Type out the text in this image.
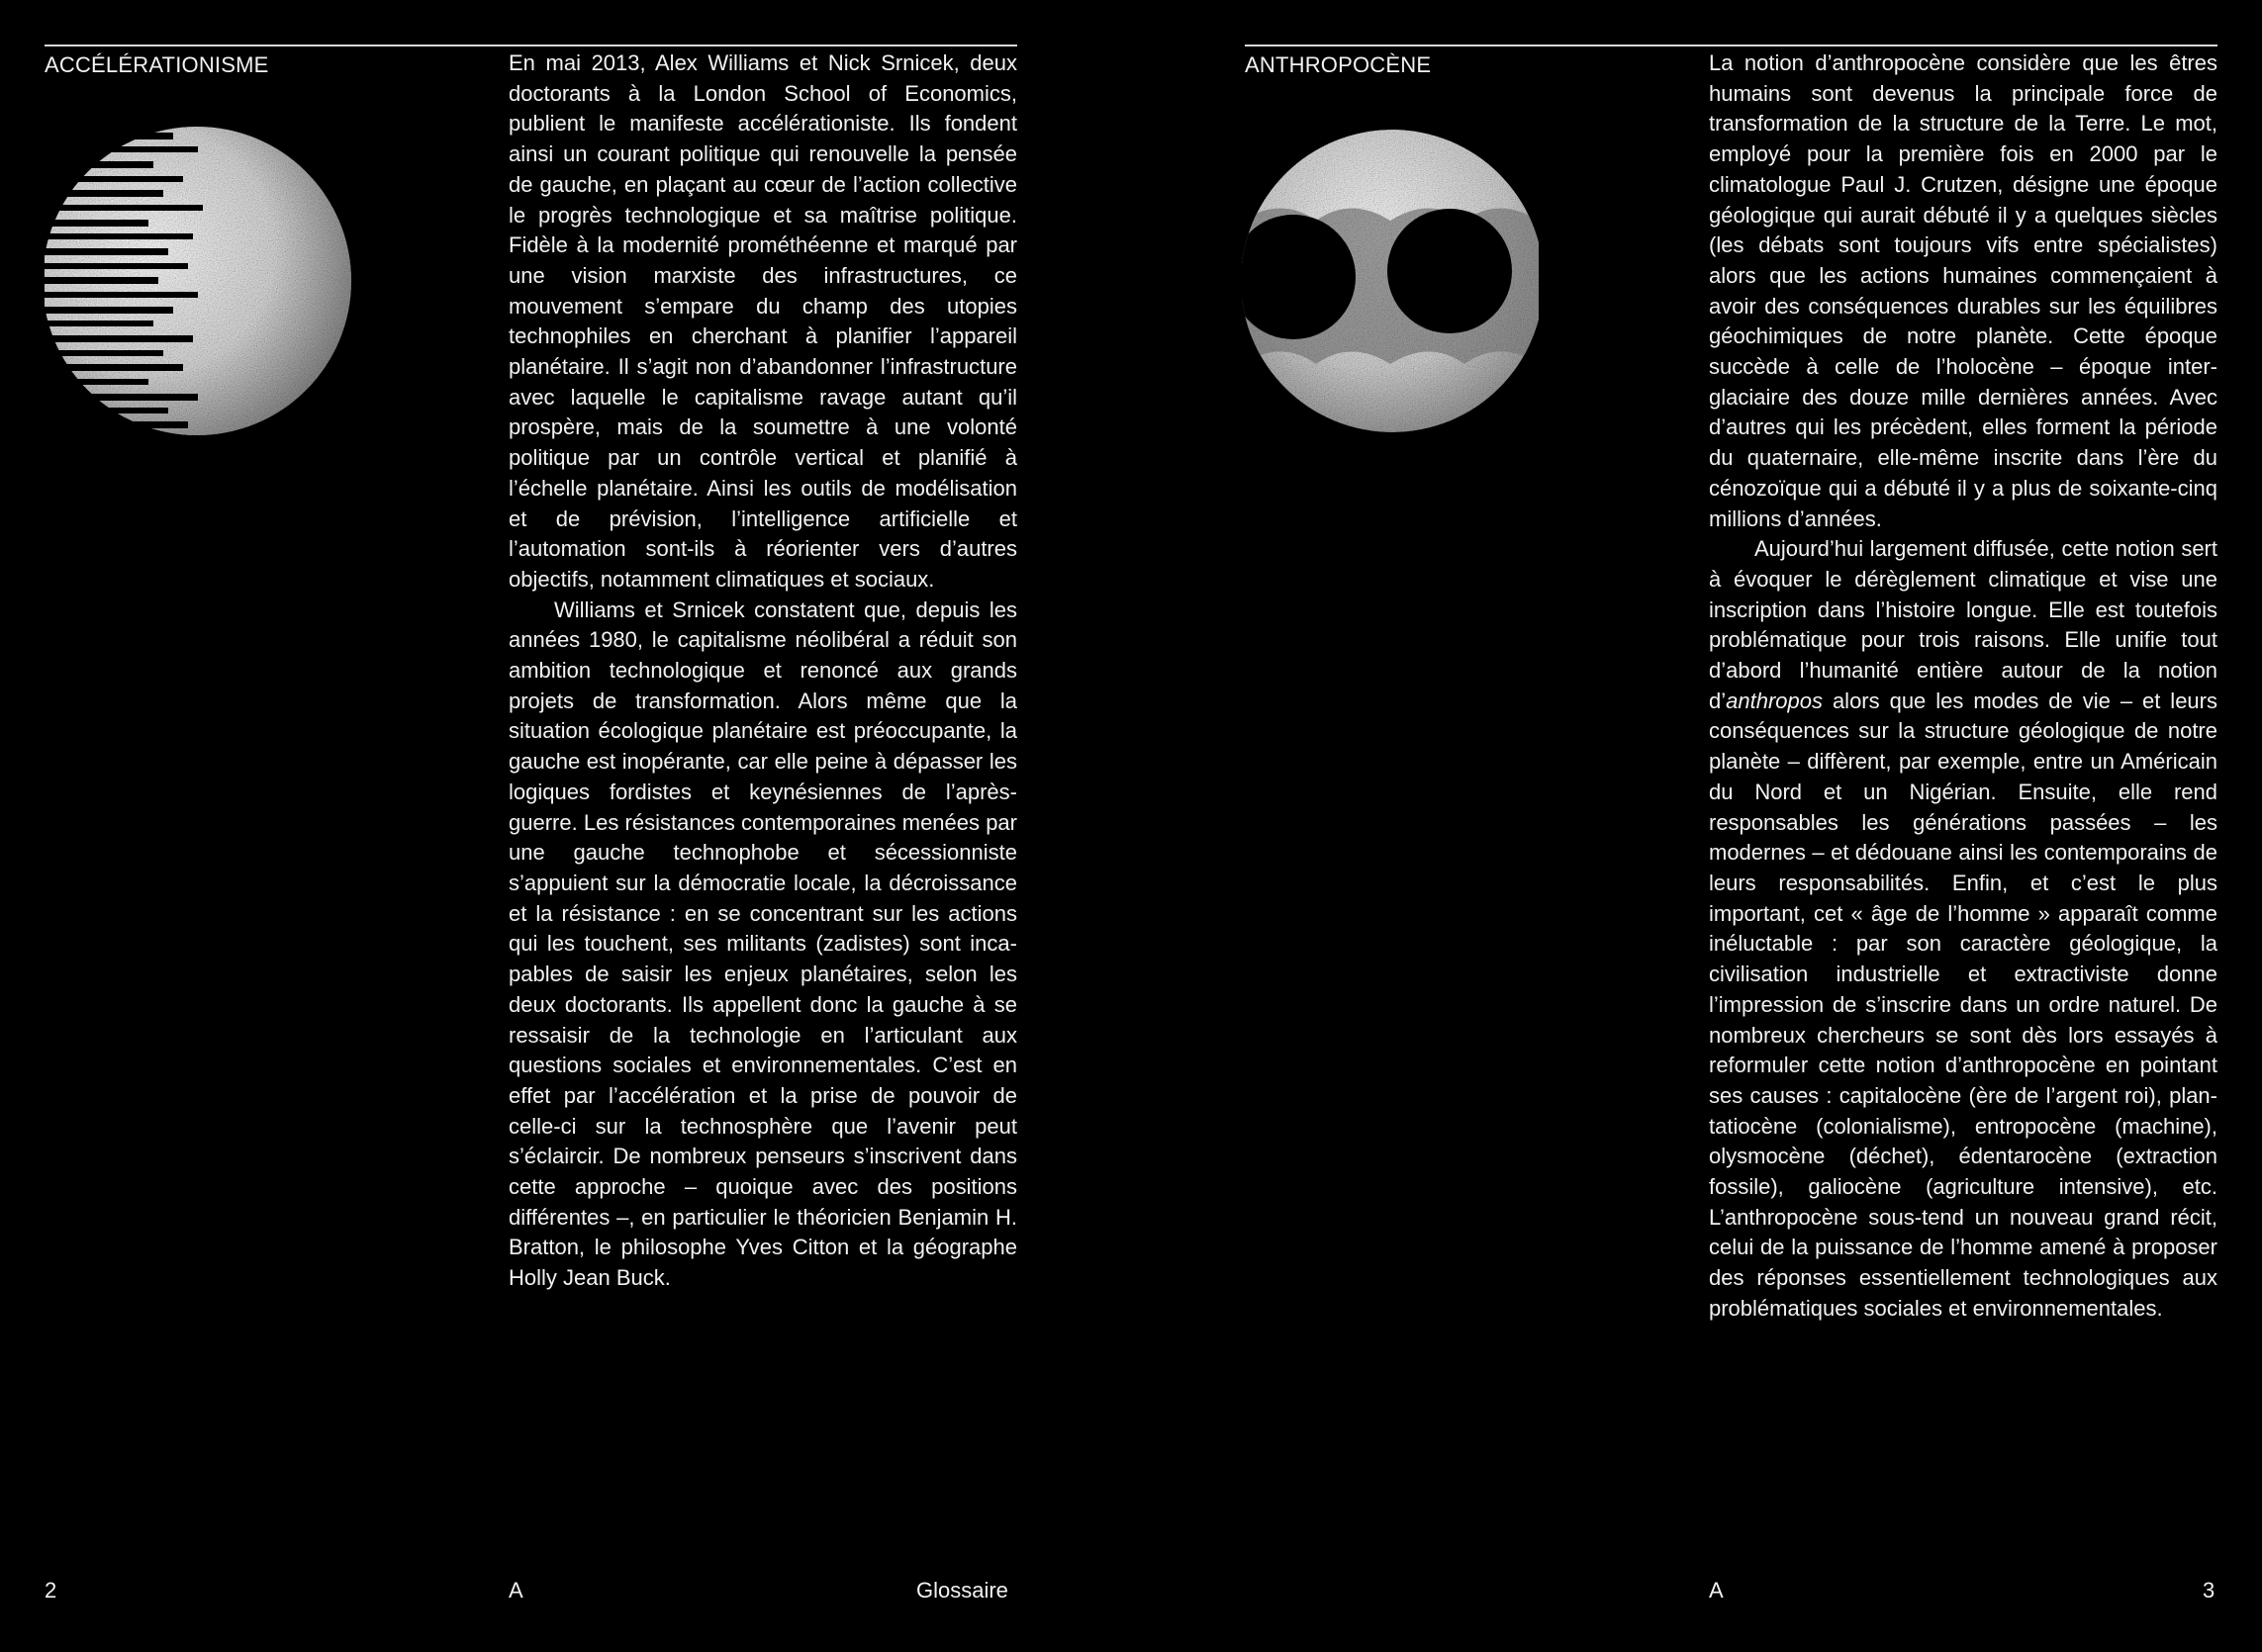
ACCÉLÉRATIONISME	En mai 2013, Alex Williams et Nick Srnicek, deux doctorants à la London School of Economics, publient le manifeste accélérationiste. Ils fondent ainsi un courant politique qui renouvelle la pensée de gauche, en plaçant au cœur de l’action collective le progrès technologique et sa maîtrise politique. Fidèle à la modernité prométhéenne et marqué par une vision marxiste des infrastructures, ce mouvement s’empare du champ des utopies technophiles en cherchant à planifier l’appareil planétaire. Il s’agit non d’abandonner l’infrastructure avec laquelle le capitalisme ravage autant qu’il prospère, mais de la soumettre à une volonté politique par un contrôle vertical et planifié à l’échelle planétaire. Ainsi les outils de modélisation et de prévision, l’intelligence artificielle et l’automation sont-ils à réorienter vers d’autres objectifs, notamment climatiques et sociaux.

Williams et Srnicek constatent que, depuis les années 1980, le capitalisme néolibéral a réduit son ambition technologique et renoncé aux grands projets de transformation. Alors même que la situation écologique planétaire est préoccupante, la gauche est inopérante, car elle peine à dépasser les logiques fordistes et keynésiennes de l’après-guerre. Les résistances contemporaines menées par une gauche technophobe et sécessionniste s’appuient sur la démocratie locale, la décroissance et la résistance : en se concentrant sur les actions qui les touchent, ses militants (zadistes) sont incapables de saisir les enjeux planétaires, selon les deux doctorants. Ils appellent donc la gauche à se ressaisir de la technologie en l’articulant aux questions sociales et environnementales. C’est en effet par l’accélération et la prise de pouvoir de celle-ci sur la technosphère que l’avenir peut s’éclaircir. De nombreux penseurs s’inscrivent dans cette approche – quoique avec des positions différentes –, en particulier le théoricien Benjamin H. Bratton, le philosophe Yves Citton et la géographe Holly Jean Buck.

2	A	Glossaire
ANTHROPOCÈNE	La notion d’anthropocène considère que les êtres humains sont devenus la principale force de transformation de la structure de la Terre. Le mot, employé pour la première fois en 2000 par le climatologue Paul J. Crutzen, désigne une époque géologique qui aurait débuté il y a quelques siècles (les débats sont toujours vifs entre spécialistes) alors que les actions humaines commençaient à avoir des conséquences durables sur les équilibres géochimiques de notre planète. Cette époque succède à celle de l’holocène – époque interglaciaire des douze mille dernières années. Avec d’autres qui les précèdent, elles forment la période du quaternaire, elle-même inscrite dans l’ère du cénozoïque qui a débuté il y a plus de soixante-cinq millions d’années.

Aujourd’hui largement diffusée, cette notion sert à évoquer le dérèglement climatique et vise une inscription dans l’histoire longue. Elle est toutefois problématique pour trois raisons. Elle unifie tout d’abord l’humanité entière autour de la notion d’anthropos alors que les modes de vie – et leurs conséquences sur la structure géologique de notre planète – diffèrent, par exemple, entre un Américain du Nord et un Nigérian. Ensuite, elle rend responsables les générations passées – les modernes – et dédouane ainsi les contemporains de leurs responsabilités. Enfin, et c’est le plus important, cet « âge de l’homme » apparaît comme inéluctable : par son caractère géologique, la civilisation industrielle et extractiviste donne l’impression de s’inscrire dans un ordre naturel. De nombreux chercheurs se sont dès lors essayés à reformuler cette notion d’anthropocène en pointant ses causes : capitalocène (ère de l’argent roi), plantatiocène (colonialisme), entropocène (machine), olysmocène (déchet), édentarocène (extraction fossile), galiocène (agriculture intensive), etc. L’anthropocène sous-tend un nouveau grand récit, celui de la puissance de l’homme amené à proposer des réponses essentiellement technologiques aux problématiques sociales et environnementales.

A	3
